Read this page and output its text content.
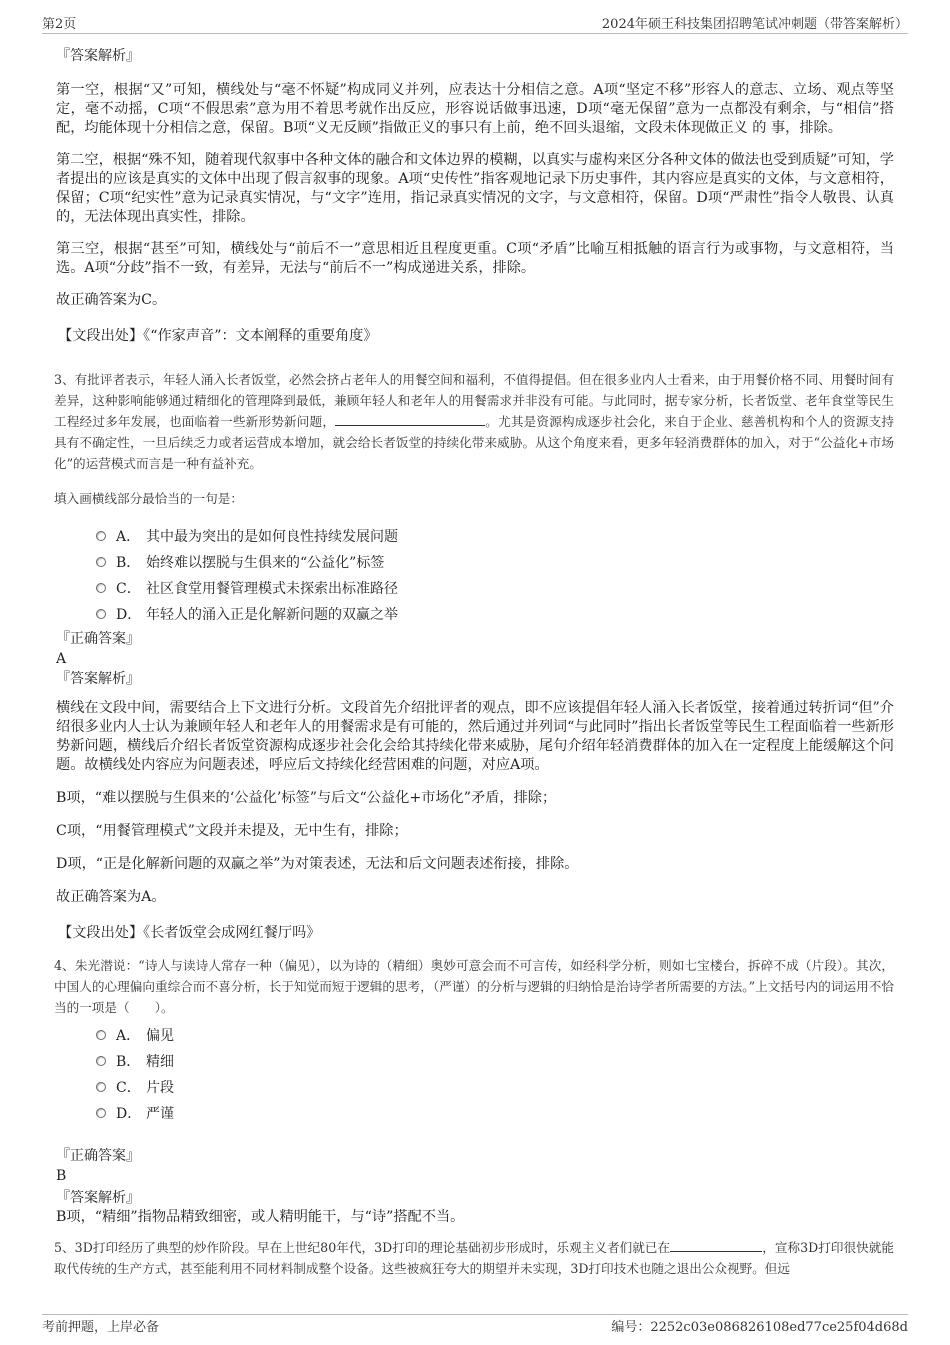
第2页	2024年硕王科技集团招聘笔试冲刺题（带答案解析）
『答案解析』

第一空，根据“又”可知，横线处与“毫不怀疑”构成同义并列，应表达十分相信之意。A项“坚定不移”形容人的意志、立场、观点等坚定，毫不动摇，C项“不假思索”意为用不着思考就作出反应，形容说话做事迅速，D项“毫无保留”意为一点都没有剩余，与“相信”搭配，均能体现十分相信之意，保留。B项“义无反顾”指做正义的事只有上前，绝不回头退缩，文段未体现做正义 的 事，排除。

第二空，根据“殊不知，随着现代叙事中各种文体的融合和文体边界的模糊，以真实与虚构来区分各种文体的做法也受到质疑”可知，学者提出的应该是真实的文体中出现了假言叙事的现象。A项“史传性”指客观地记录下历史事件，其内容应是真实的文体，与文意相符，保留；C项“纪实性”意为记录真实情况，与“文字”连用，指记录真实情况的文字，与文意相符，保留。D项“严肃性”指令人敬畏、认真的，无法体现出真实性，排除。

第三空，根据“甚至”可知，横线处与“前后不一”意思相近且程度更重。C项“矛盾”比喻互相抵触的语言行为或事物，与文意相符，当选。A项“分歧”指不一致，有差异，无法与“前后不一”构成递进关系，排除。

故正确答案为C。

【文段出处】《“作家声音”：文本阐释的重要角度》

3、有批评者表示，年轻人涌入长者饭堂，必然会挤占老年人的用餐空间和福利，不值得提倡。但在很多业内人士看来，由于用餐价格不同、用餐时间有差异，这种影响能够通过精细化的管理降到最低，兼顾年轻人和老年人的用餐需求并非没有可能。与此同时，据专家分析，长者饭堂、老年食堂等民生工程经过多年发展，也面临着一些新形势新问题，	。尤其是资源构成逐步社会化，来自于企业、慈善机构和个人的资源支持具有不确定性，一旦后续乏力或者运营成本增加，就会给长者饭堂的持续化带来威胁。从这个角度来看，更多年轻消费群体的加入，对于“公益化+市场化”的运营模式而言是一种有益补充。

填入画横线部分最恰当的一句是：

A． 其中最为突出的是如何良性持续发展问题
B． 始终难以摆脱与生俱来的“公益化”标签
C． 社区食堂用餐管理模式未探索出标准路径
D． 年轻人的涌入正是化解新问题的双赢之举
『正确答案』
A
『答案解析』

横线在文段中间，需要结合上下文进行分析。文段首先介绍批评者的观点，即不应该提倡年轻人涌入长者饭堂，接着通过转折词“但”介绍很多业内人士认为兼顾年轻人和老年人的用餐需求是有可能的，然后通过并列词“与此同时”指出长者饭堂等民生工程面临着一些新形势新问题，横线后介绍长者饭堂资源构成逐步社会化会给其持续化带来威胁，尾句介绍年轻消费群体的加入在一定程度上能缓解这个问题。故横线处内容应为问题表述，呼应后文持续化经营困难的问题，对应A项。

B项，“难以摆脱与生俱来的‘公益化’标签”与后文“公益化+市场化”矛盾，排除；

C项，“用餐管理模式”文段并未提及，无中生有，排除；

D项，“正是化解新问题的双赢之举”为对策表述，无法和后文问题表述衔接，排除。

故正确答案为A。

【文段出处】《长者饭堂会成网红餐厅吗》

4、朱光潜说：“诗人与读诗人常存一种（偏见），以为诗的（精细）奥妙可意会而不可言传，如经科学分析，则如七宝楼台，拆碎不成（片段）。其次，中国人的心理偏向重综合而不喜分析，长于知觉而短于逻辑的思考，（严谨）的分析与逻辑的归纳恰是治诗学者所需要的方法。”上文括号内的词运用不恰当的一项是（　　）。

A． 偏见
B． 精细
C． 片段
D． 严谨
『正确答案』
B
『答案解析』

B项，“精细”指物品精致细密，或人精明能干，与“诗”搭配不当。

5、3D打印经历了典型的炒作阶段。早在上世纪80年代，3D打印的理论基础初步形成时，乐观主义者们就已在	，宣称3D打印很快就能取代传统的生产方式，甚至能利用不同材料制成整个设备。这些被疯狂夸大的期望并未实现，3D打印技术也随之退出公众视野。但远

考前押题，上岸必备	编号：2252c03e086826108ed77ce25f04d68d
